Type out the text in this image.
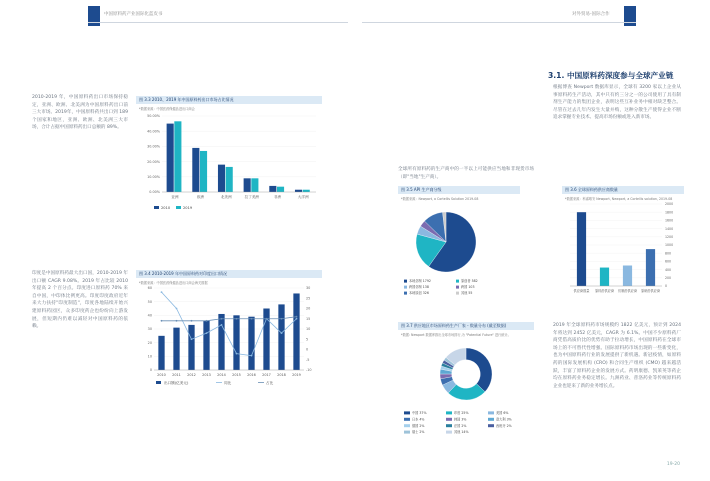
中国原料药产业国际化蓝皮书	对外贸易-国际合作
2010-2019 年，中国原料药出口市场保持稳定，亚洲、欧洲、北美洲为中国原料药出口前三大市场。2019年，中国原料药共出口到 189 个国家和地区，亚洲、欧洲、北美洲三大市场，合计占据中国原料药出口总额的 89%。
印度是中国原料药最大出口国，2010-2019 年出口额 CAGR 9.08%。2019 年占比较 2010 年提高 2 个百分点。印度进口原料药 70% 来自中国，中印体比例更高。印度印度政府近年来大力扶持"印度制造"，印度各地陆续开始兴建原料药园区，众多印度药企也纷纷向上游发展，但短期内仍难以减轻对中国原料药的依赖。
图 3.3 2010、2019 年中国原料药出口市场占比情况
*数据来源：中国医药保健品进出口商会
0.00%
10.00%
20.00%
30.00%
40.00%
50.00%
亚洲	欧洲	北美洲	拉丁美洲	非洲	大洋洲
2010	2019
图 3.4 2010-2019 年中国原料药对印度出口情况
*数据来源：中国医药保健品进出口商会海关数据
0
10
20
30
40
50
60
-10
-5
0
5
10
15
20
25
30
2010 2011 2012 2013 2014 2015 2016 2017 2018 2019
出口额(亿美元)	同比	占比
3.1. 中国原料药深度参与全球产业链
根据博查 Newport 数据库显示，全球有 3200 家以上企业从事原料药生产活动，其中只有约三分之一的公司使用了具有制剂生产能力的集团企业，表明这些互补业务中相对缺乏整合。尽管在过去几年内发生大量并购，这种分散生产使得企业不断追求掌握专业技术、提高市场份额或进入新市场。
全球所有原料药的生产商中的一半以上可能供应当地和非现货市场（即"当地"生产商）。
图 3.5 API 生产商分级
*数据来源：Newport, a Cortellis Solution 2019-08
本地仿制 1792	原创者 582
跨国仿制 138	跨国 103
本地原创 326	其他 55
图 3.6 全球原料药供应商数量
*数据来源：科睿唯安 Newport, Newport, a Cortellis solution, 2019-08
0
200
400
600
800
1000
1200
1400
1600
1800
2000
供应商数量 原料药供应商 仿制药供应商 原研药供应商
图 3.7 供应地区市场原料药生产厂家 - 数量分布 (截至数据)
*数据: Newport 数据库推出全球市场排行,为 "Potential Future" 进行统计。
中国 37%	印度 25%	美国 6%
日本 4%	韩国 3%	意大利 3%
德国 2%	法国 2%	西班牙 2%
瑞士 2%	其他 14%
2019 年全球原料药市场规模约 1822 亿美元，预计到 2024 年将达到 2452 亿美元，CAGR 为 6.1%。中国不少原料药厂商凭借高质价比的优势有助于拉动增长，中国原料药在全球市场上的不可替代性增强。国际原料药市场出现的一些新变化，也为中国原料药行业的发展提供了新机遇。新冠疫情，如原料药的国际发展机构 (CRO) 和合同生产组织 (CMO) 越来越活跃，丰富了原料药企业的发展方式。药明康德、凯莱英等药企均在原料药业务稳定增长。九洲药业、普洛药业等传统原料药企业也迎来了新的业务增长点。
19-20
